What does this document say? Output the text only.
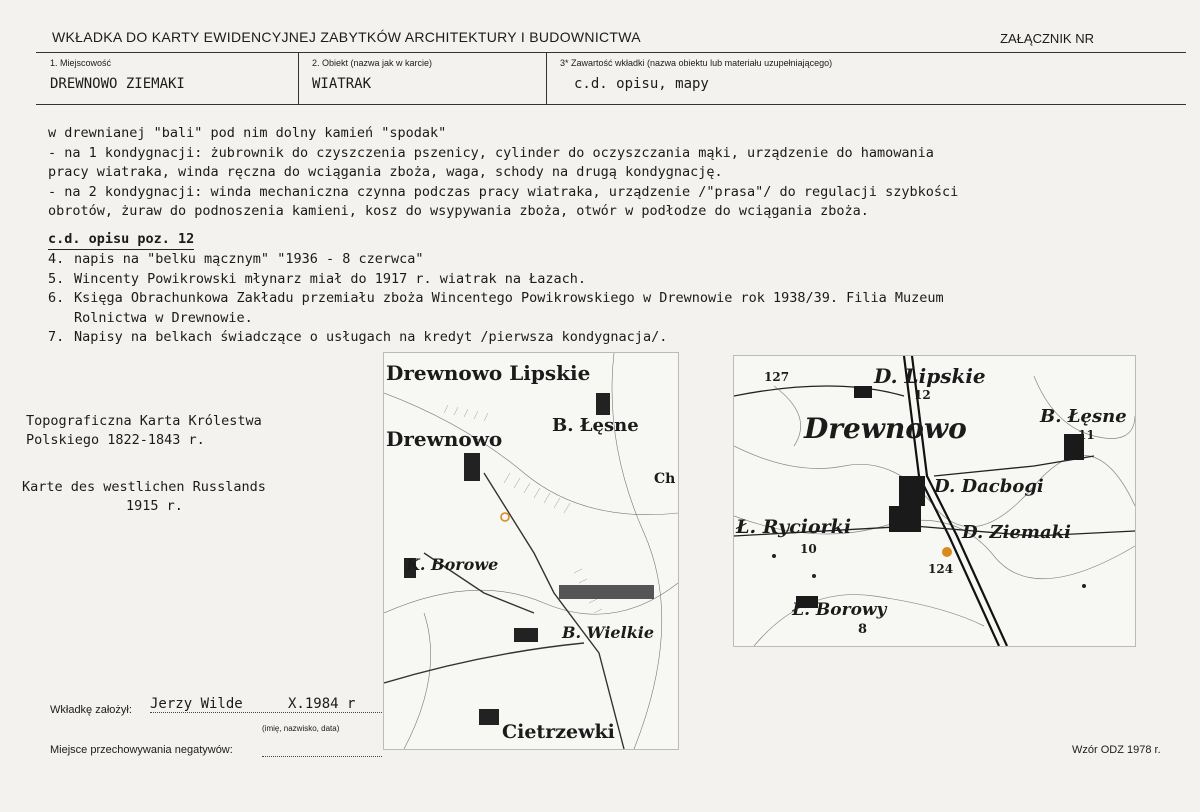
WKŁADKA DO KARTY EWIDENCYJNEJ ZABYTKÓW ARCHITEKTURY I BUDOWNICTWA	ZAŁĄCZNIK NR
1. Miejscowość
DREWNOWO ZIEMAKI
2. Obiekt (nazwa jak w karcie)
WIATRAK
3* Zawartość wkładki (nazwa obiektu lub materiału uzupełniającego)
c.d. opisu, mapy

w drewnianej "bali" pod nim dolny kamień "spodak"

- na 1 kondygnacji: żubrownik do czyszczenia pszenicy, cylinder do oczyszczania mąki, urządzenie do hamowania

pracy wiatraka, winda ręczna do wciągania zboża, waga, schody na drugą kondygnację.

- na 2 kondygnacji: winda mechaniczna czynna podczas pracy wiatraka, urządzenie /"prasa"/ do regulacji szybkości

obrotów, żuraw do podnoszenia kamieni, kosz do wsypywania zboża, otwór w podłodze do wciągania zboża.

c.d. opisu poz. 12

4. napis na "belku mącznym" "1936 - 8 czerwca"

5. Wincenty Powikrowski młynarz miał do 1917 r. wiatrak na Łazach.

6. Księga Obrachunkowa Zakładu przemiału zboża Wincentego Powikrowskiego w Drewnowie rok 1938/39. Filia Muzeum

Rolnictwa w Drewnowie.

7. Napisy na belkach świadczące o usługach na kredyt /pierwsza kondygnacja/.

Topograficzna Karta Królestwa
Polskiego 1822-1843 r.
Karte des westlichen Russlands
1915 r.
Drewnowo Lipskie
Drewnowo
B. Łęsne
K. Borowe
B. Wielkie
Cietrzewki
Ch
D. Lipskie
Drewnowo	B. Łęsne
D. Dacbogi
Ł. Ryciorki	D. Ziemaki
Ł. Borowy
127
12
11
10
124
8
Wkładkę założył: Jerzy Wilde	X.1984 r
(imię, nazwisko, data)
Miejsce przechowywania negatywów:	Wzór ODZ 1978 r.
